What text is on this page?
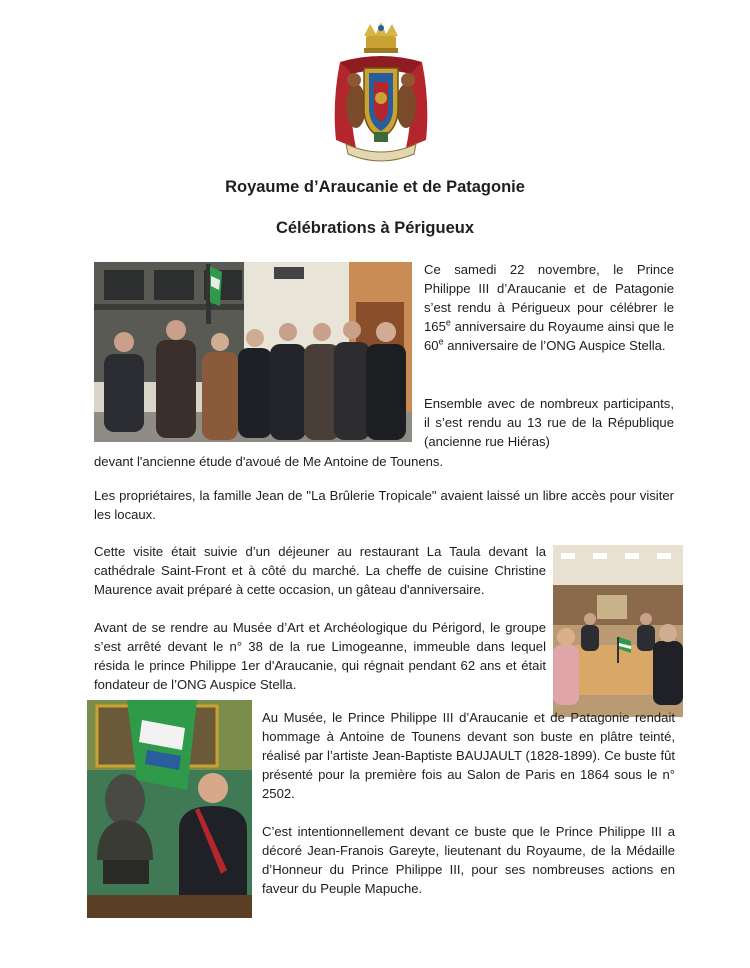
Royaume d’Araucanie et de Patagonie
Célébrations à Périgueux

Ce samedi 22 novembre, le Prince Philippe III d’Araucanie et de Patagonie s’est rendu à Périgueux pour célébrer le 165e anniversaire du Royaume ainsi que le 60e anniversaire de l’ONG Auspice Stella.

Ensemble avec de nombreux participants, il s’est rendu au 13 rue de la République (ancienne rue Hiéras)

devant l'ancienne étude d'avoué de Me Antoine de Tounens.

Les propriétaires, la famille Jean de "La Brûlerie Tropicale" avaient laissé un libre accès pour visiter les locaux.

Cette visite était suivie d’un déjeuner au restaurant La Taula devant la cathédrale Saint-Front et à côté du marché. La cheffe de cuisine Christine Maurence avait préparé à cette occasion, un gâteau d'anniversaire.

Avant de se rendre au Musée d’Art et Archéologique du Périgord, le groupe s’est arrêté devant le n° 38 de la rue Limogeanne, immeuble dans lequel résida le prince Philippe 1er d'Araucanie, qui régnait pendant 62 ans et était fondateur de l’ONG Auspice Stella.

Au Musée, le Prince Philippe III d’Araucanie et de Patagonie rendait hommage à Antoine de Tounens devant son buste en plâtre teinté, réalisé par l’artiste Jean-Baptiste BAUJAULT (1828-1899). Ce buste fût présenté pour la première fois au Salon de Paris en 1864 sous le n° 2502.

C’est intentionnellement devant ce buste que le Prince Philippe III a décoré Jean-Franois Gareyte, lieutenant du Royaume, de la Médaille d’Honneur du Prince Philippe III, pour ses nombreuses actions en faveur du Peuple Mapuche.
